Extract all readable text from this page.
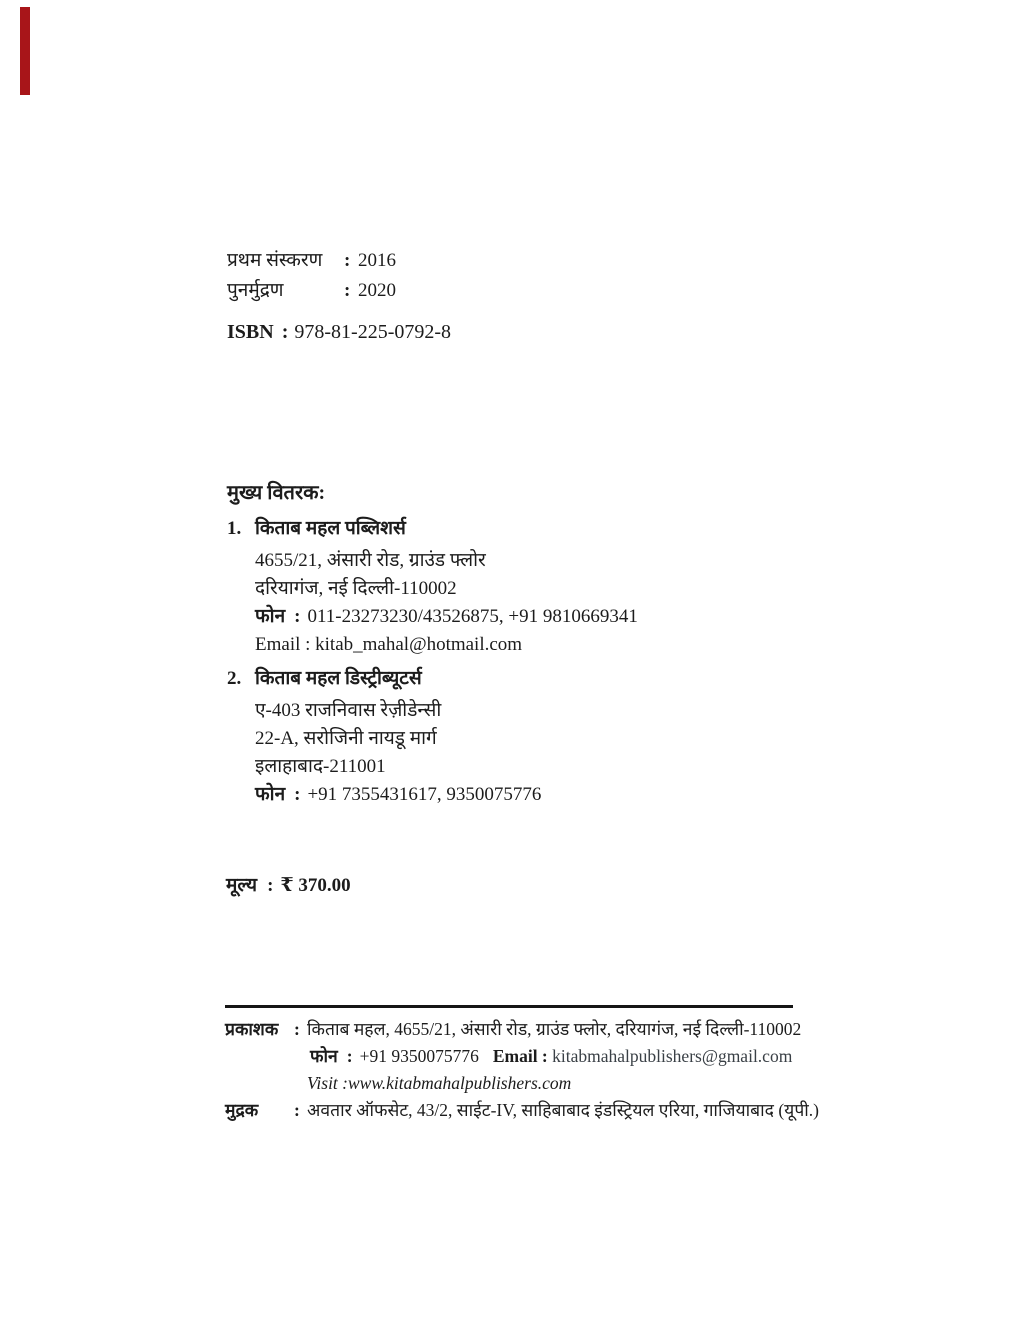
प्रथम संस्करण	: 2016
पुनर्मुद्रण	: 2020
ISBN : 978-81-225-0792-8
मुख्य वितरक:
1. किताब महल पब्लिशर्स
4655/21, अंसारी रोड, ग्राउंड फ्लोर
दरियागंज, नई दिल्ली-110002
फोन : 011-23273230/43526875, +91 9810669341
Email : kitab_mahal@hotmail.com
2. किताब महल डिस्ट्रीब्यूटर्स
ए-403 राजनिवास रेज़ीडेन्सी
22-A, सरोजिनी नायडू मार्ग
इलाहाबाद-211001
फोन : +91 7355431617, 9350075776
मूल्य : ₹ 370.00
प्रकाशक : किताब महल, 4655/21, अंसारी रोड, ग्राउंड फ्लोर, दरियागंज, नई दिल्ली-110002
फोन : +91 9350075776 Email : kitabmahalpublishers@gmail.com
Visit :www.kitabmahalpublishers.com
मुद्रक	: अवतार ऑफसेट, 43/2, साईट-IV, साहिबाबाद इंडस्ट्रियल एरिया, गाजियाबाद (यूपी.)
